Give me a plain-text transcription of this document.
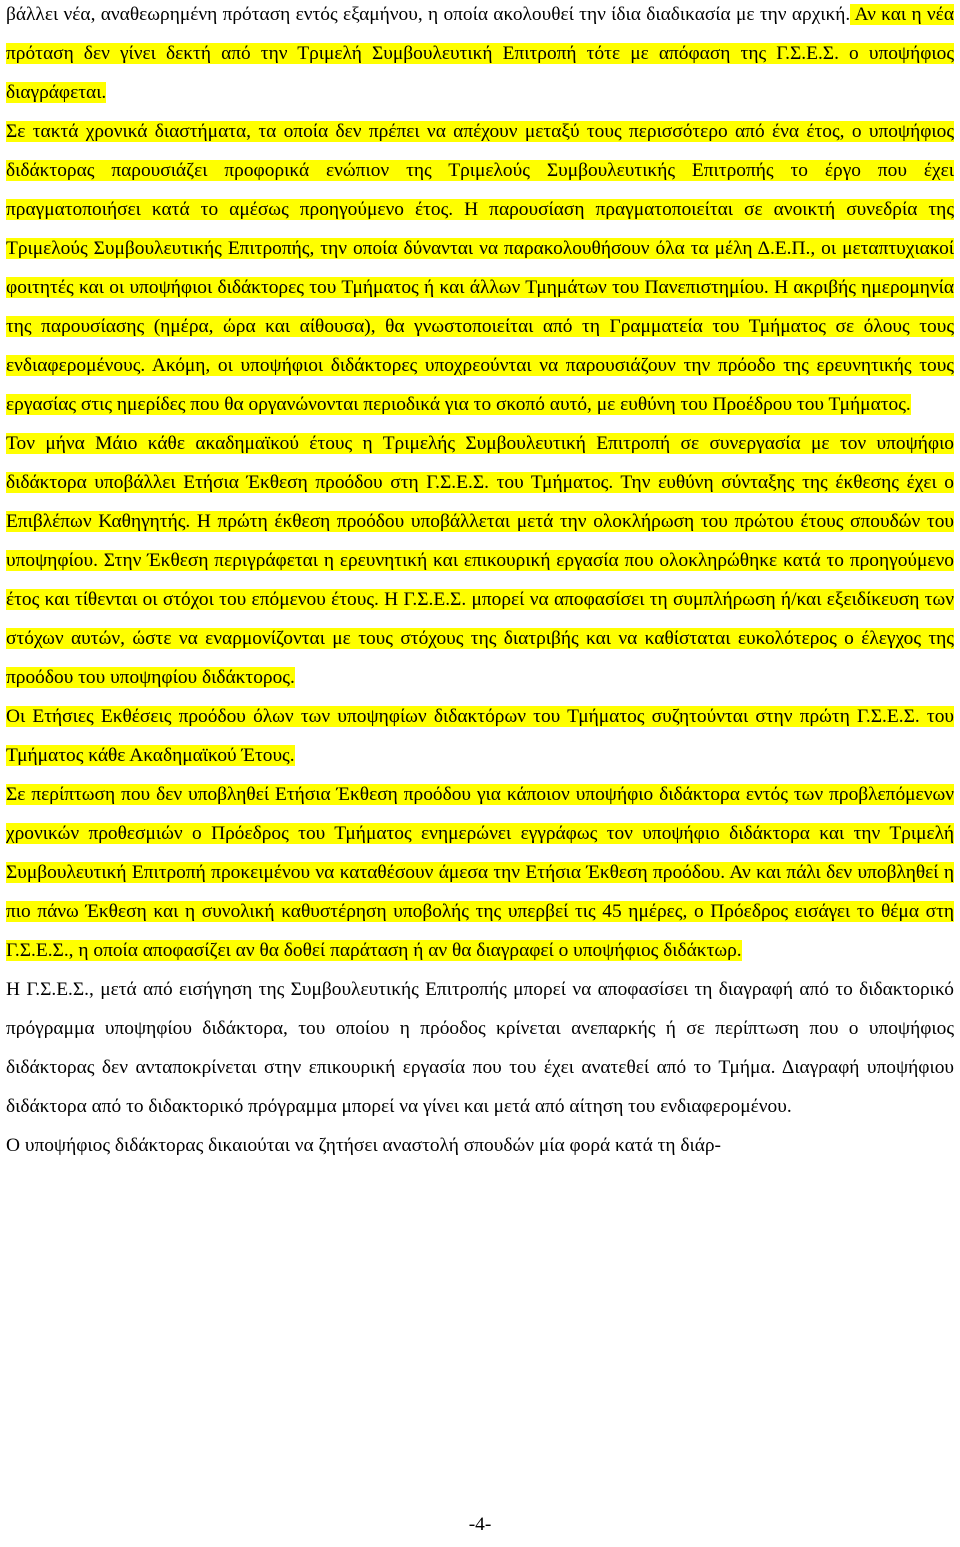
βάλλει νέα, αναθεωρημένη πρόταση εντός εξαμήνου, η οποία ακολουθεί την ίδια διαδικασία με την αρχική. Αν και η νέα πρόταση δεν γίνει δεκτή από την Τριμελή Συμβουλευτική Επιτροπή τότε με απόφαση της Γ.Σ.Ε.Σ. ο υποψήφιος διαγράφεται.

Σε τακτά χρονικά διαστήματα, τα οποία δεν πρέπει να απέχουν μεταξύ τους περισσότερο από ένα έτος, ο υποψήφιος διδάκτορας παρουσιάζει προφορικά ενώπιον της Τριμελούς Συμβουλευτικής Επιτροπής το έργο που έχει πραγματοποιήσει κατά το αμέσως προηγούμενο έτος. Η παρουσίαση πραγματοποιείται σε ανοικτή συνεδρία της Τριμελούς Συμβουλευτικής Επιτροπής, την οποία δύνανται να παρακολουθήσουν όλα τα μέλη Δ.Ε.Π., οι μεταπτυχιακοί φοιτητές και οι υποψήφιοι διδάκτορες του Τμήματος ή και άλλων Τμημάτων του Πανεπιστημίου. Η ακριβής ημερομηνία της παρουσίασης (ημέρα, ώρα και αίθουσα), θα γνωστοποιείται από τη Γραμματεία του Τμήματος σε όλους τους ενδιαφερομένους. Ακόμη, οι υποψήφιοι διδάκτορες υποχρεούνται να παρουσιάζουν την πρόοδο της ερευνητικής τους εργασίας στις ημερίδες που θα οργανώνονται περιοδικά για το σκοπό αυτό, με ευθύνη του Προέδρου του Τμήματος.

Τον μήνα Μάιο κάθε ακαδημαϊκού έτους η Τριμελής Συμβουλευτική Επιτροπή σε συνεργασία με τον υποψήφιο διδάκτορα υποβάλλει Ετήσια Έκθεση προόδου στη Γ.Σ.Ε.Σ. του Τμήματος. Την ευθύνη σύνταξης της έκθεσης έχει ο Επιβλέπων Καθηγητής. Η πρώτη έκθεση προόδου υποβάλλεται μετά την ολοκλήρωση του πρώτου έτους σπουδών του υποψηφίου. Στην Έκθεση περιγράφεται η ερευνητική και επικουρική εργασία που ολοκληρώθηκε κατά το προηγούμενο έτος και τίθενται οι στόχοι του επόμενου έτους. Η Γ.Σ.Ε.Σ. μπορεί να αποφασίσει τη συμπλήρωση ή/και εξειδίκευση των στόχων αυτών, ώστε να εναρμονίζονται με τους στόχους της διατριβής και να καθίσταται ευκολότερος ο έλεγχος της προόδου του υποψηφίου διδάκτορος.

Οι Ετήσιες Εκθέσεις προόδου όλων των υποψηφίων διδακτόρων του Τμήματος συζητούνται στην πρώτη Γ.Σ.Ε.Σ. του Τμήματος κάθε Ακαδημαϊκού Έτους.

Σε περίπτωση που δεν υποβληθεί Ετήσια Έκθεση προόδου για κάποιον υποψήφιο διδάκτορα εντός των προβλεπόμενων χρονικών προθεσμιών ο Πρόεδρος του Τμήματος ενημερώνει εγγράφως τον υποψήφιο διδάκτορα και την Τριμελή Συμβουλευτική Επιτροπή προκειμένου να καταθέσουν άμεσα την Ετήσια Έκθεση προόδου. Αν και πάλι δεν υποβληθεί η πιο πάνω Έκθεση και η συνολική καθυστέρηση υποβολής της υπερβεί τις 45 ημέρες, ο Πρόεδρος εισάγει το θέμα στη Γ.Σ.Ε.Σ., η οποία αποφασίζει αν θα δοθεί παράταση ή αν θα διαγραφεί ο υποψήφιος διδάκτωρ.

Η Γ.Σ.Ε.Σ., μετά από εισήγηση της Συμβουλευτικής Επιτροπής μπορεί να αποφασίσει τη διαγραφή από το διδακτορικό πρόγραμμα υποψηφίου διδάκτορα, του οποίου η πρόοδος κρίνεται ανεπαρκής ή σε περίπτωση που ο υποψήφιος διδάκτορας δεν ανταποκρίνεται στην επικουρική εργασία που του έχει ανατεθεί από το Τμήμα. Διαγραφή υποψήφιου διδάκτορα από το διδακτορικό πρόγραμμα μπορεί να γίνει και μετά από αίτηση του ενδιαφερομένου.

Ο υποψήφιος διδάκτορας δικαιούται να ζητήσει αναστολή σπουδών μία φορά κατά τη διάρ-

-4-
